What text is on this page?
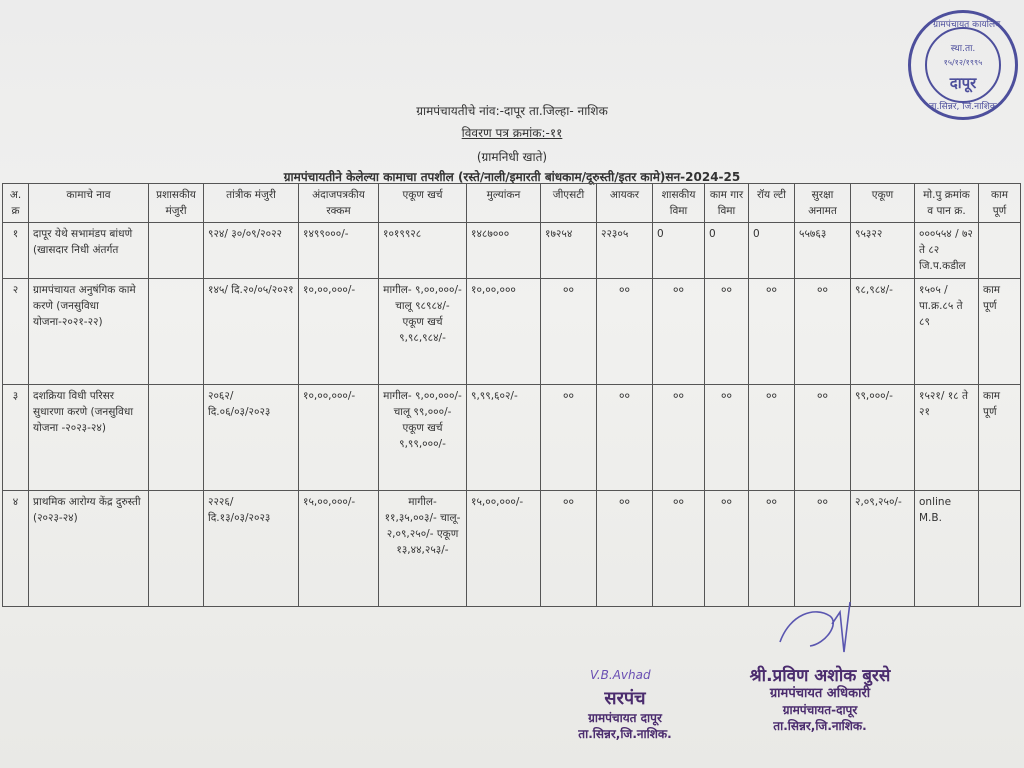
ग्रामपंचायतीचे नांव:-दापूर ता.जिल्हा- नाशिक
विवरण पत्र क्रमांक:-११
(ग्रामनिधी खाते)
ग्रामपंचायतीने केलेल्या कामाचा तपशील (रस्ते/नाली/इमारती बांधकाम/दूरुस्ती/इतर कामे)सन-2024-25
अ.क्र	कामाचे नाव	प्रशासकीय मंजुरी	तांत्रीक मंजुरी	अंदाजपत्रकीय रक्कम	एकूण खर्च	मुल्यांकन	जीएसटी	आयकर	शासकीय विमा	काम गार विमा	रॉय ल्टी	सुरक्षा अनामत	एकूण	मो.पु क्रमांक व पान क्र.	काम पूर्ण
१	दापूर येथे सभामंडप बांधणे (खासदार निधी अंतर्गत		९२४/ ३०/०९/२०२२	१४९९०००/-	१०१९९२८	१४८७०००	१७२५४	२२३०५	0	0	0	५५७६३	९५३२२	०००५५४ / ७२ ते ८२ जि.प.कडील	
२	ग्रामपंचायत अनुषंगिक कामे करणे (जनसुविधा योजना-२०२१-२२)		१४५/ दि.२०/०५/२०२१	१०,००,०००/-	मागील- ९,००,०००/- चालू ९८९८४/- एकूण खर्च ९,९८,९८४/-	१०,००,०००	००	००	००	००	००	००	९८,९८४/-	१५०५ / पा.क्र.८५ ते ८९	काम पूर्ण
३	दशक्रिया विधी परिसर सुधारणा करणे (जनसुविधा योजना -२०२३-२४)		२०६२/ दि.०६/०३/२०२३	१०,००,०००/-	मागील- ९,००,०००/- चालू ९९,०००/- एकूण खर्च ९,९९,०००/-	९,९९,६०२/-	००	००	००	००	००	००	९९,०००/-	१५२१/ १८ ते २१	काम पूर्ण
४	प्राथमिक आरोग्य केंद्र दुरुस्ती (२०२३-२४)		२२२६/ दि.१३/०३/२०२३	१५,००,०००/-	मागील- ११,३५,००३/- चालू- २,०९,२५०/- एकूण १३,४४,२५३/-	१५,००,०००/-	००	००	००	००	००	००	२,०९,२५०/-	online M.B.	
ग्रामपंचायत कार्यालय
ता.सिन्नर, जि.नाशिक
स्था.ता.
१५/१२/१९९५
दापूर
V.B.Avhad
सरपंच
ग्रामपंचायत दापूर
ता.सिन्नर,जि.नाशिक.
श्री.प्रविण अशोक बुरसे
ग्रामपंचायत अधिकारी
ग्रामपंचायत-दापूर
ता.सिन्नर,जि.नाशिक.
